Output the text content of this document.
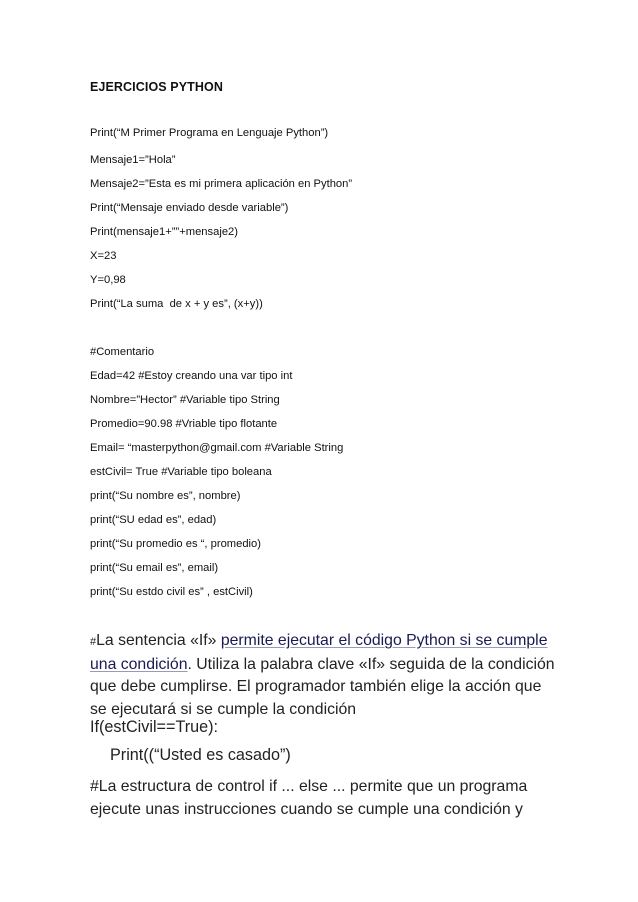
EJERCICIOS PYTHON
Print(“M Primer Programa en Lenguaje Python”)
Mensaje1=”Hola”
Mensaje2=”Esta es mi primera aplicación en Python”
Print(“Mensaje enviado desde variable”)
Print(mensaje1+””+mensaje2)
X=23
Y=0,98
Print(“La suma  de x + y es”, (x+y))
#Comentario
Edad=42 #Estoy creando una var tipo int
Nombre=”Hector” #Variable tipo String
Promedio=90.98 #Vriable tipo flotante
Email= “masterpython@gmail.com #Variable String
estCivil= True #Variable tipo boleana
print(“Su nombre es”, nombre)
print(“SU edad es”, edad)
print(“Su promedio es “, promedio)
print(“Su email es”, email)
print(“Su estdo civil es” , estCivil)
#La sentencia «If» permite ejecutar el código Python si se cumple una condición. Utiliza la palabra clave «If» seguida de la condición que debe cumplirse. El programador también elige la acción que se ejecutará si se cumple la condición
If(estCivil==True):
Print((“Usted es casado”)
#La estructura de control if ... else ... permite que un programa ejecute unas instrucciones cuando se cumple una condición y
